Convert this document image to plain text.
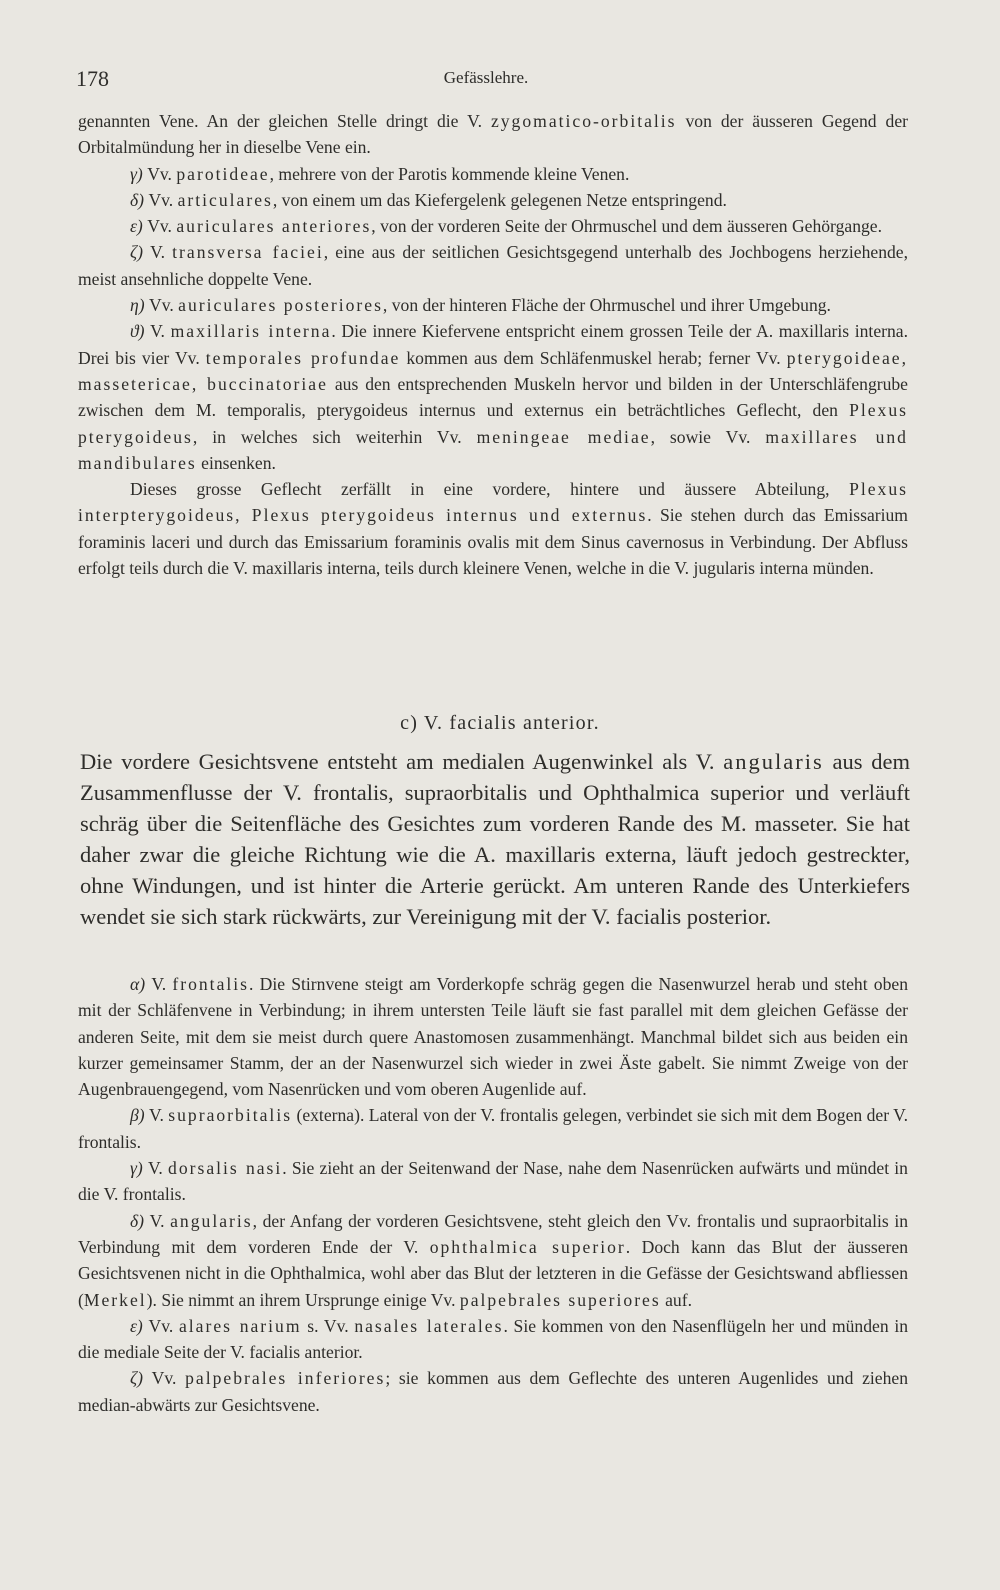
178	Gefässlehre.

genannten Vene. An der gleichen Stelle dringt die V. zygomatico-orbitalis von der äusseren Gegend der Orbitalmündung her in dieselbe Vene ein.

γ) Vv. parotideae, mehrere von der Parotis kommende kleine Venen.

δ) Vv. articulares, von einem um das Kiefergelenk gelegenen Netze entspringend.

ε) Vv. auriculares anteriores, von der vorderen Seite der Ohrmuschel und dem äusseren Gehörgange.

ζ) V. transversa faciei, eine aus der seitlichen Gesichtsgegend unterhalb des Jochbogens herziehende, meist ansehnliche doppelte Vene.

η) Vv. auriculares posteriores, von der hinteren Fläche der Ohrmuschel und ihrer Umgebung.

ϑ) V. maxillaris interna. Die innere Kiefervene entspricht einem grossen Teile der A. maxillaris interna. Drei bis vier Vv. temporales profundae kommen aus dem Schläfenmuskel herab; ferner Vv. pterygoideae, massetericae, buccinatoriae aus den entsprechenden Muskeln hervor und bilden in der Unterschläfengrube zwischen dem M. temporalis, pterygoideus internus und externus ein beträchtliches Geflecht, den Plexus pterygoideus, in welches sich weiterhin Vv. meningeae mediae, sowie Vv. maxillares und mandibulares einsenken.

Dieses grosse Geflecht zerfällt in eine vordere, hintere und äussere Abteilung, Plexus interpterygoideus, Plexus pterygoideus internus und externus. Sie stehen durch das Emissarium foraminis laceri und durch das Emissarium foraminis ovalis mit dem Sinus cavernosus in Verbindung. Der Abfluss erfolgt teils durch die V. maxillaris interna, teils durch kleinere Venen, welche in die V. jugularis interna münden.

c) V. facialis anterior.

Die vordere Gesichtsvene entsteht am medialen Augenwinkel als V. angularis aus dem Zusammenflusse der V. frontalis, supraorbitalis und Ophthalmica superior und verläuft schräg über die Seitenfläche des Gesichtes zum vorderen Rande des M. masseter. Sie hat daher zwar die gleiche Richtung wie die A. maxillaris externa, läuft jedoch gestreckter, ohne Windungen, und ist hinter die Arterie gerückt. Am unteren Rande des Unterkiefers wendet sie sich stark rückwärts, zur Vereinigung mit der V. facialis posterior.

α) V. frontalis. Die Stirnvene steigt am Vorderkopfe schräg gegen die Nasenwurzel herab und steht oben mit der Schläfenvene in Verbindung; in ihrem untersten Teile läuft sie fast parallel mit dem gleichen Gefässe der anderen Seite, mit dem sie meist durch quere Anastomosen zusammenhängt. Manchmal bildet sich aus beiden ein kurzer gemeinsamer Stamm, der an der Nasenwurzel sich wieder in zwei Äste gabelt. Sie nimmt Zweige von der Augenbrauengegend, vom Nasenrücken und vom oberen Augenlide auf.

β) V. supraorbitalis (externa). Lateral von der V. frontalis gelegen, verbindet sie sich mit dem Bogen der V. frontalis.

γ) V. dorsalis nasi. Sie zieht an der Seitenwand der Nase, nahe dem Nasenrücken aufwärts und mündet in die V. frontalis.

δ) V. angularis, der Anfang der vorderen Gesichtsvene, steht gleich den Vv. frontalis und supraorbitalis in Verbindung mit dem vorderen Ende der V. ophthalmica superior. Doch kann das Blut der äusseren Gesichtsvenen nicht in die Ophthalmica, wohl aber das Blut der letzteren in die Gefässe der Gesichtswand abfliessen (Merkel). Sie nimmt an ihrem Ursprunge einige Vv. palpebrales superiores auf.

ε) Vv. alares narium s. Vv. nasales laterales. Sie kommen von den Nasenflügeln her und münden in die mediale Seite der V. facialis anterior.

ζ) Vv. palpebrales inferiores; sie kommen aus dem Geflechte des unteren Augenlides und ziehen median-abwärts zur Gesichtsvene.
